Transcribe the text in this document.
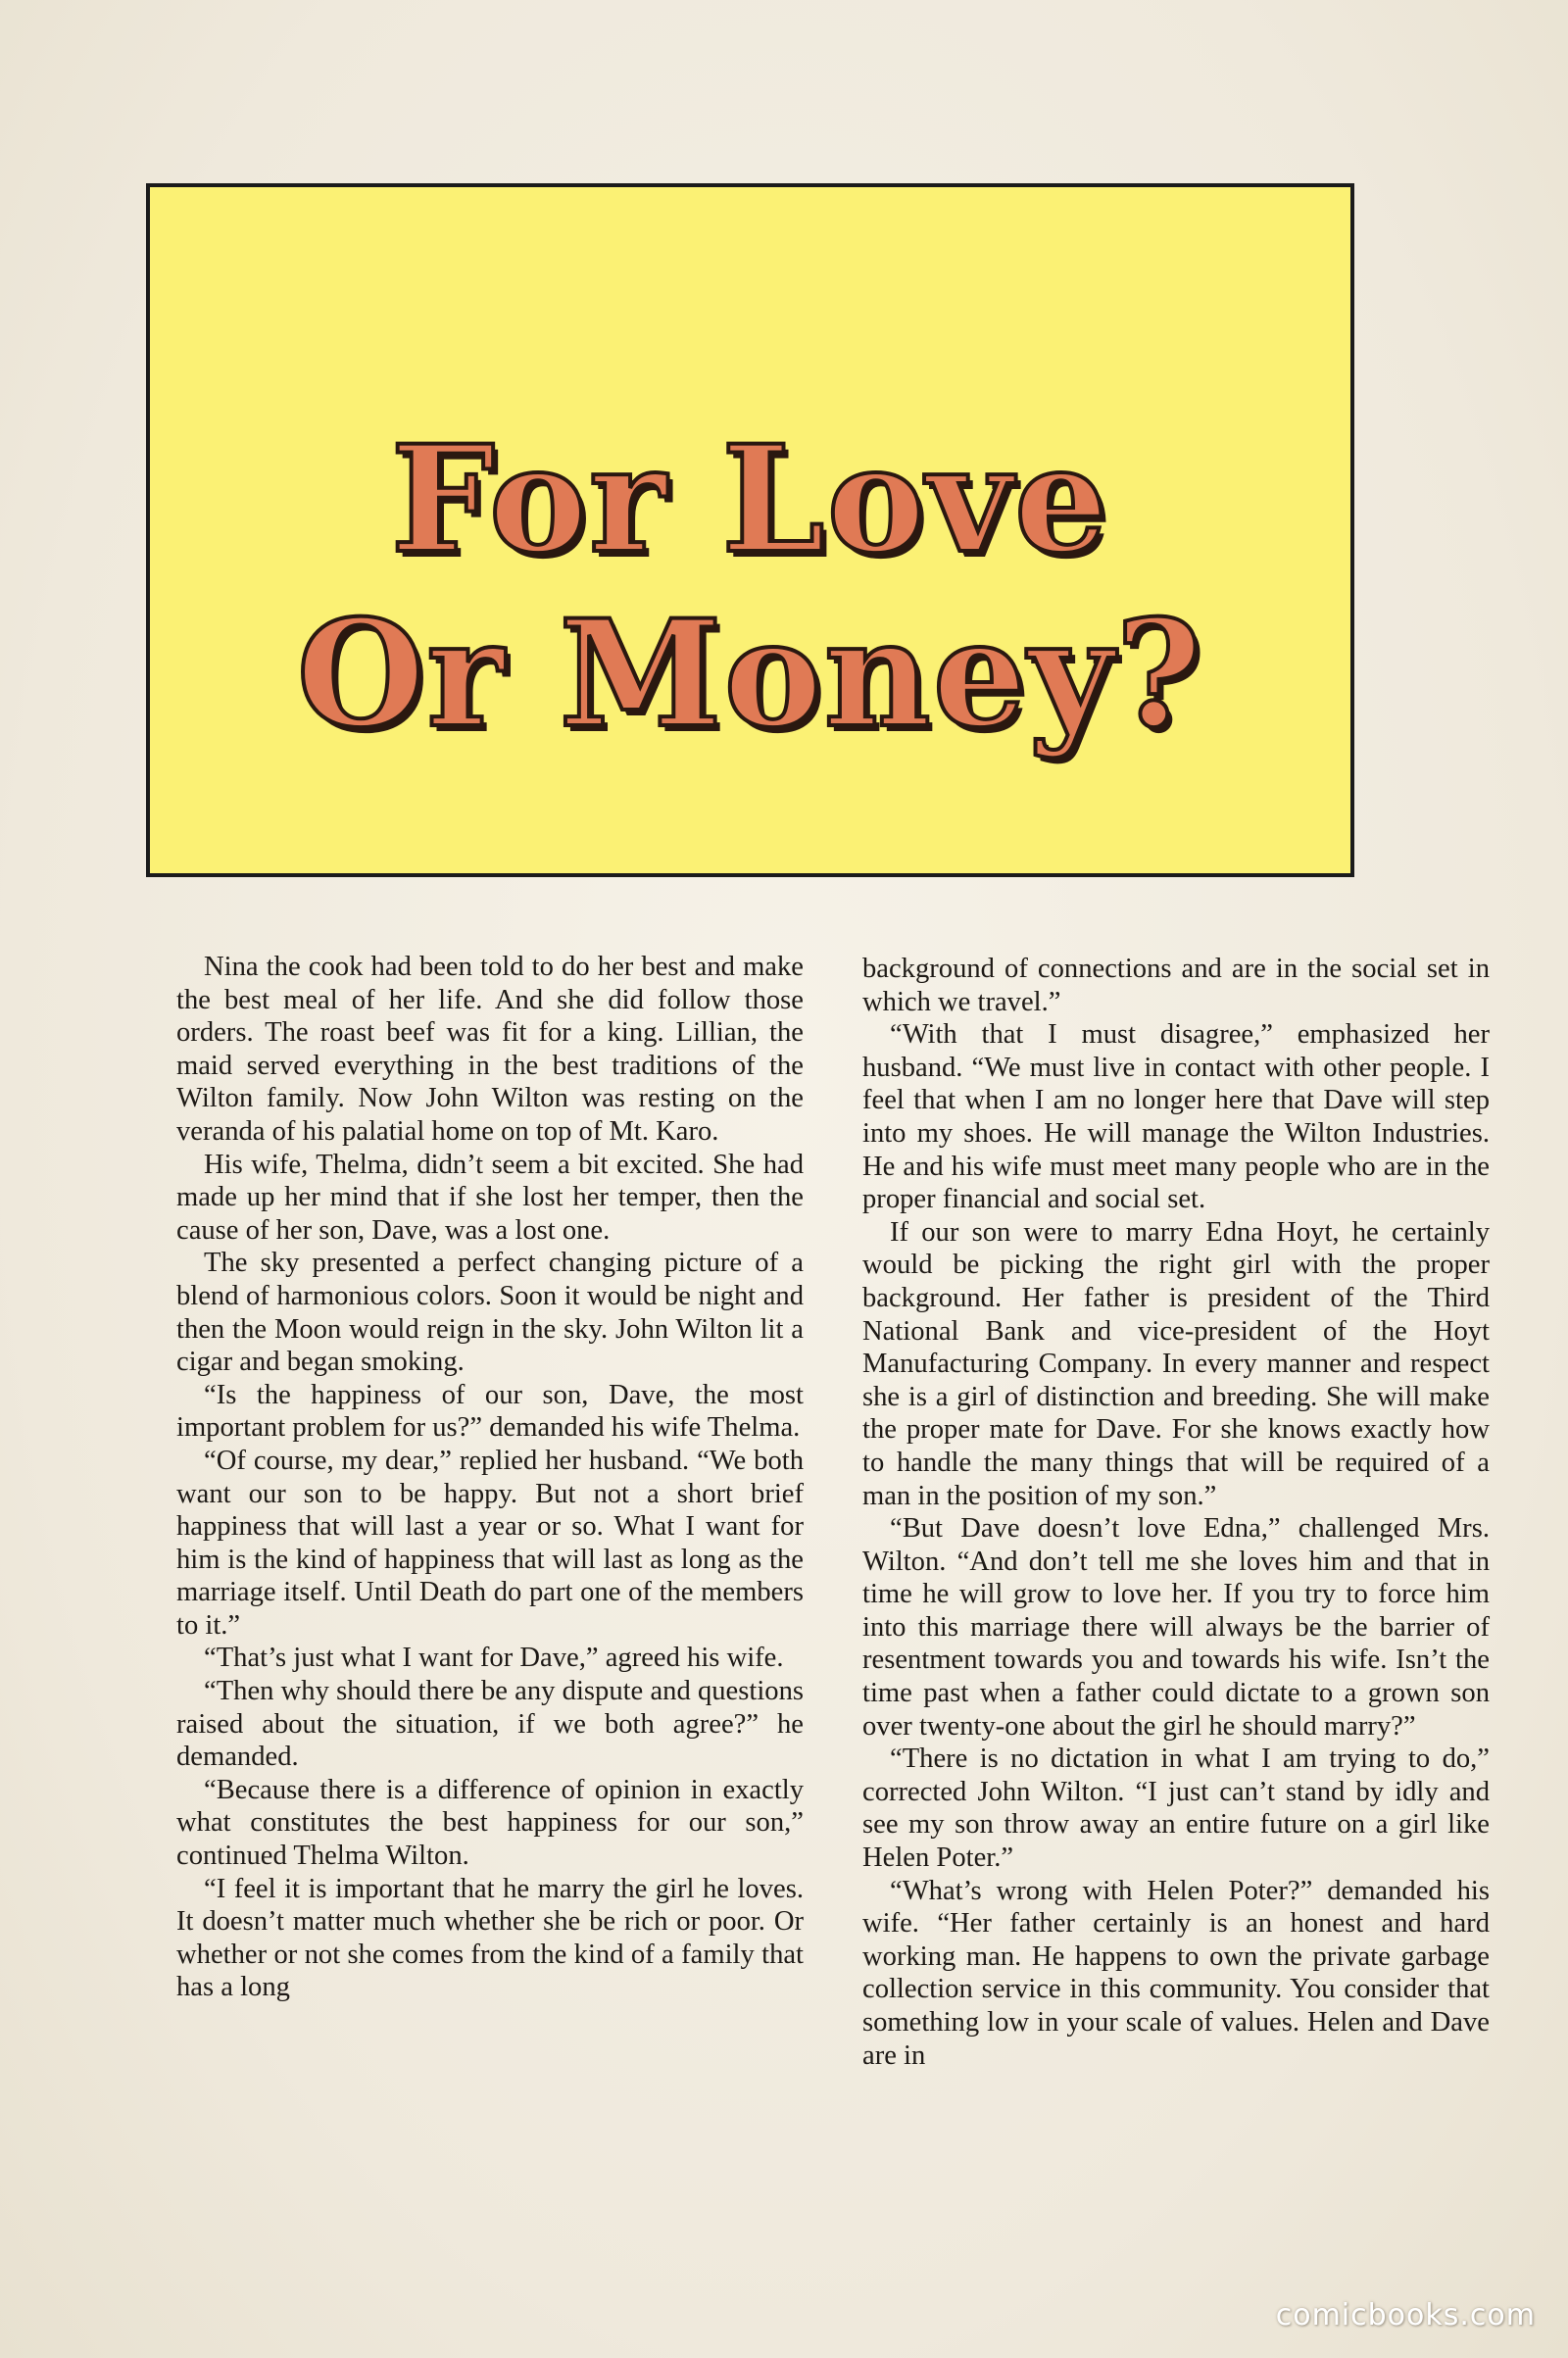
For Love
Or Money?

Nina the cook had been told to do her best and make the best meal of her life. And she did follow those orders. The roast beef was fit for a king. Lillian, the maid served everything in the best traditions of the Wilton family. Now John Wilton was resting on the veranda of his palatial home on top of Mt. Karo.

His wife, Thelma, didn’t seem a bit excited. She had made up her mind that if she lost her temper, then the cause of her son, Dave, was a lost one.

The sky presented a perfect changing picture of a blend of harmonious colors. Soon it would be night and then the Moon would reign in the sky. John Wilton lit a cigar and began smoking.

“Is the happiness of our son, Dave, the most important problem for us?” demanded his wife Thelma.

“Of course, my dear,” replied her husband. “We both want our son to be happy. But not a short brief happiness that will last a year or so. What I want for him is the kind of happiness that will last as long as the marriage itself. Until Death do part one of the members to it.”

“That’s just what I want for Dave,” agreed his wife.

“Then why should there be any dispute and questions raised about the situation, if we both agree?” he demanded.

“Because there is a difference of opinion in exactly what constitutes the best happiness for our son,” continued Thelma Wilton.

“I feel it is important that he marry the girl he loves. It doesn’t matter much whether she be rich or poor. Or whether or not she comes from the kind of a family that has a long

background of connections and are in the social set in which we travel.”

“With that I must disagree,” emphasized her husband. “We must live in contact with other people. I feel that when I am no longer here that Dave will step into my shoes. He will manage the Wilton Industries. He and his wife must meet many people who are in the proper financial and social set.

If our son were to marry Edna Hoyt, he certainly would be picking the right girl with the proper background. Her father is president of the Third National Bank and vice-president of the Hoyt Manufacturing Company. In every manner and respect she is a girl of distinction and breeding. She will make the proper mate for Dave. For she knows exactly how to handle the many things that will be required of a man in the position of my son.”

“But Dave doesn’t love Edna,” challenged Mrs. Wilton. “And don’t tell me she loves him and that in time he will grow to love her. If you try to force him into this marriage there will always be the barrier of resentment towards you and towards his wife. Isn’t the time past when a father could dictate to a grown son over twenty-one about the girl he should marry?”

“There is no dictation in what I am trying to do,” corrected John Wilton. “I just can’t stand by idly and see my son throw away an entire future on a girl like Helen Poter.”

“What’s wrong with Helen Poter?” demanded his wife. “Her father certainly is an honest and hard working man. He happens to own the private garbage collection service in this community. You consider that something low in your scale of values. Helen and Dave are in

comicbooks.com
